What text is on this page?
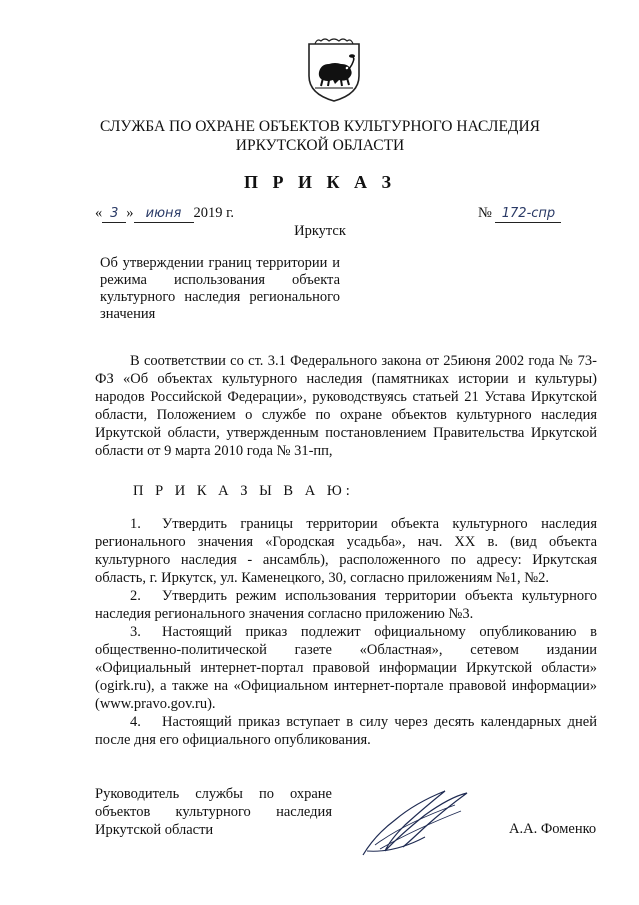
СЛУЖБА ПО ОХРАНЕ ОБЪЕКТОВ КУЛЬТУРНОГО НАСЛЕДИЯ
ИРКУТСКОЙ ОБЛАСТИ
П Р И К А З
« 3 » июня 2019 г.	№ 172-спр
Иркутск
Об утверждении границ территории и режима использования объекта культурного наследия регионального значения
В соответствии со ст. 3.1 Федерального закона от 25июня 2002 года № 73-ФЗ «Об объектах культурного наследия (памятниках истории и культуры) народов Российской Федерации», руководствуясь статьей 21 Устава Иркутской области, Положением о службе по охране объектов культурного наследия Иркутской области, утвержденным постановлением Правительства Иркутской области от 9 марта 2010 года № 31-пп,
П Р И К А З Ы В А Ю:

1. Утвердить границы территории объекта культурного наследия регионального значения «Городская усадьба», нач. XX в. (вид объекта культурного наследия - ансамбль), расположенного по адресу: Иркутская область, г. Иркутск, ул. Каменецкого, 30, согласно приложениям №1, №2.

2. Утвердить режим использования территории объекта культурного наследия регионального значения согласно приложению №3.

3. Настоящий приказ подлежит официальному опубликованию в общественно-политической газете «Областная», сетевом издании «Официальный интернет-портал правовой информации Иркутской области» (ogirk.ru), а также на «Официальном интернет-портале правовой информации» (www.pravo.gov.ru).

4. Настоящий приказ вступает в силу через десять календарных дней после дня его официального опубликования.

Руководитель службы по охране
объектов культурного наследия
Иркутской области	А.А. Фоменко
